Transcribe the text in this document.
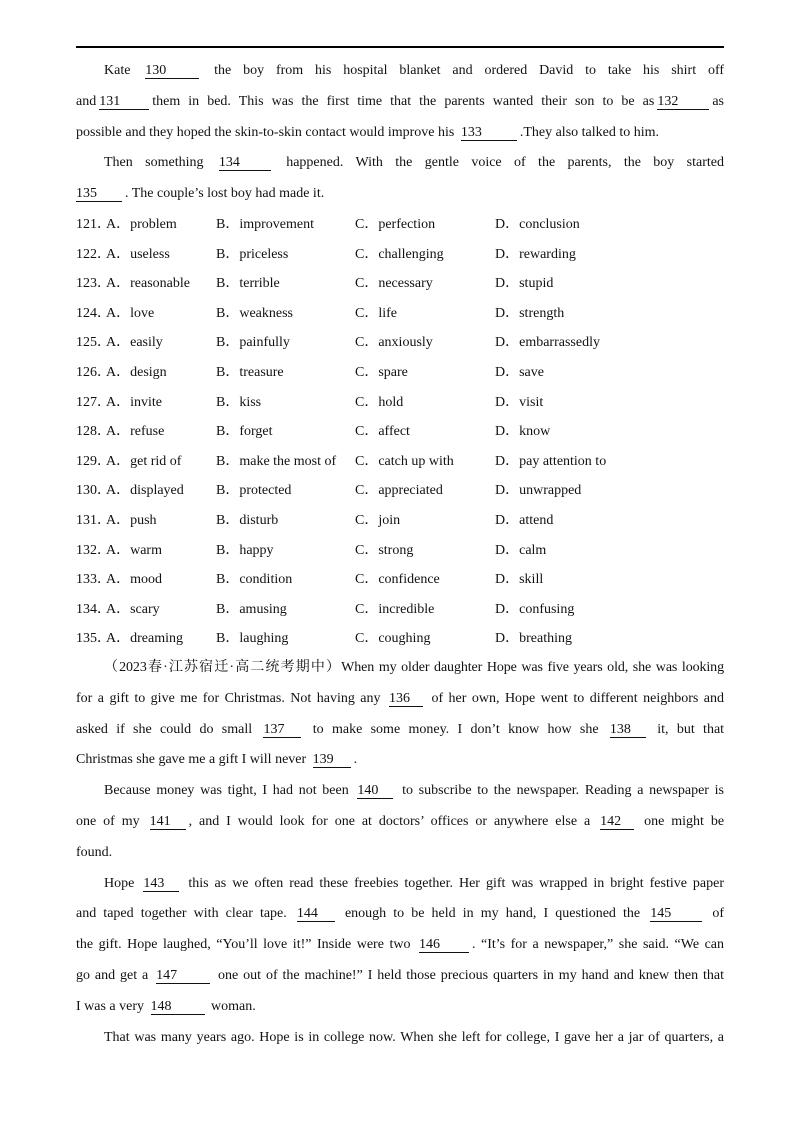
Kate 130	the boy from his hospital blanket and ordered David to take his shirt off
and 131 them in bed. This was the first time that the parents wanted their son to be as 132 as
possible and they hoped the skin-to-skin contact would improve his 133	.They also talked to him.
Then something 134	happened. With the gentle voice of the parents, the boy started
135 . The couple’s lost boy had made it.
121．
A．problem	B．improvement	C．perfection	D．conclusion
122．
A．useless	B．priceless	C．challenging	D．rewarding
123．
A．reasonable B．terrible	C．necessary	D．stupid
124．
A．love	B．weakness	C．life	D．strength
125．
A．easily	B．painfully	C．anxiously	D．embarrassedly
126．
A．design	B．treasure	C．spare	D．save
127．
A．invite	B．kiss	C．hold	D．visit
128．
A．refuse	B．forget	C．affect	D．know
129．
A．get rid of B．make the most of C．catch up with	D．pay attention to
130．
A．displayed B．protected	C．appreciated	D．unwrapped
131．
A．push	B．disturb	C．join	D．attend
132．
A．warm	B．happy	C．strong	D．calm
133．
A．mood	B．condition	C．confidence	D．skill
134．
A．scary	B．amusing	C．incredible	D．confusing
135．
A．dreaming B．laughing	C．coughing	D．breathing
（2023春·江苏宿迁·高二统考期中）When my older daughter Hope was five years old, she was looking
for a gift to give me for Christmas. Not having any 136 of her own, Hope went to different neighbors and
asked if she could do small 137 to make some money. I don’t know how she 138 it, but that
Christmas she gave me a gift I will never 139 .
Because money was tight, I had not been 140 to subscribe to the newspaper. Reading a newspaper is
one of my 141 , and I would look for one at doctors’ offices or anywhere else a 142 one might be
found.
Hope 143 this as we often read these freebies together. Her gift was wrapped in bright festive paper
and taped together with clear tape. 144 enough to be held in my hand, I questioned the 145	of
the gift. Hope laughed, “You’ll love it!” Inside were two 146 . “It’s for a newspaper,” she said. “We can
go and get a 147	one out of the machine!” I held those precious quarters in my hand and knew then that
I was a very 148	woman.
That was many years ago. Hope is in college now. When she left for college, I gave her a jar of quarters, a
